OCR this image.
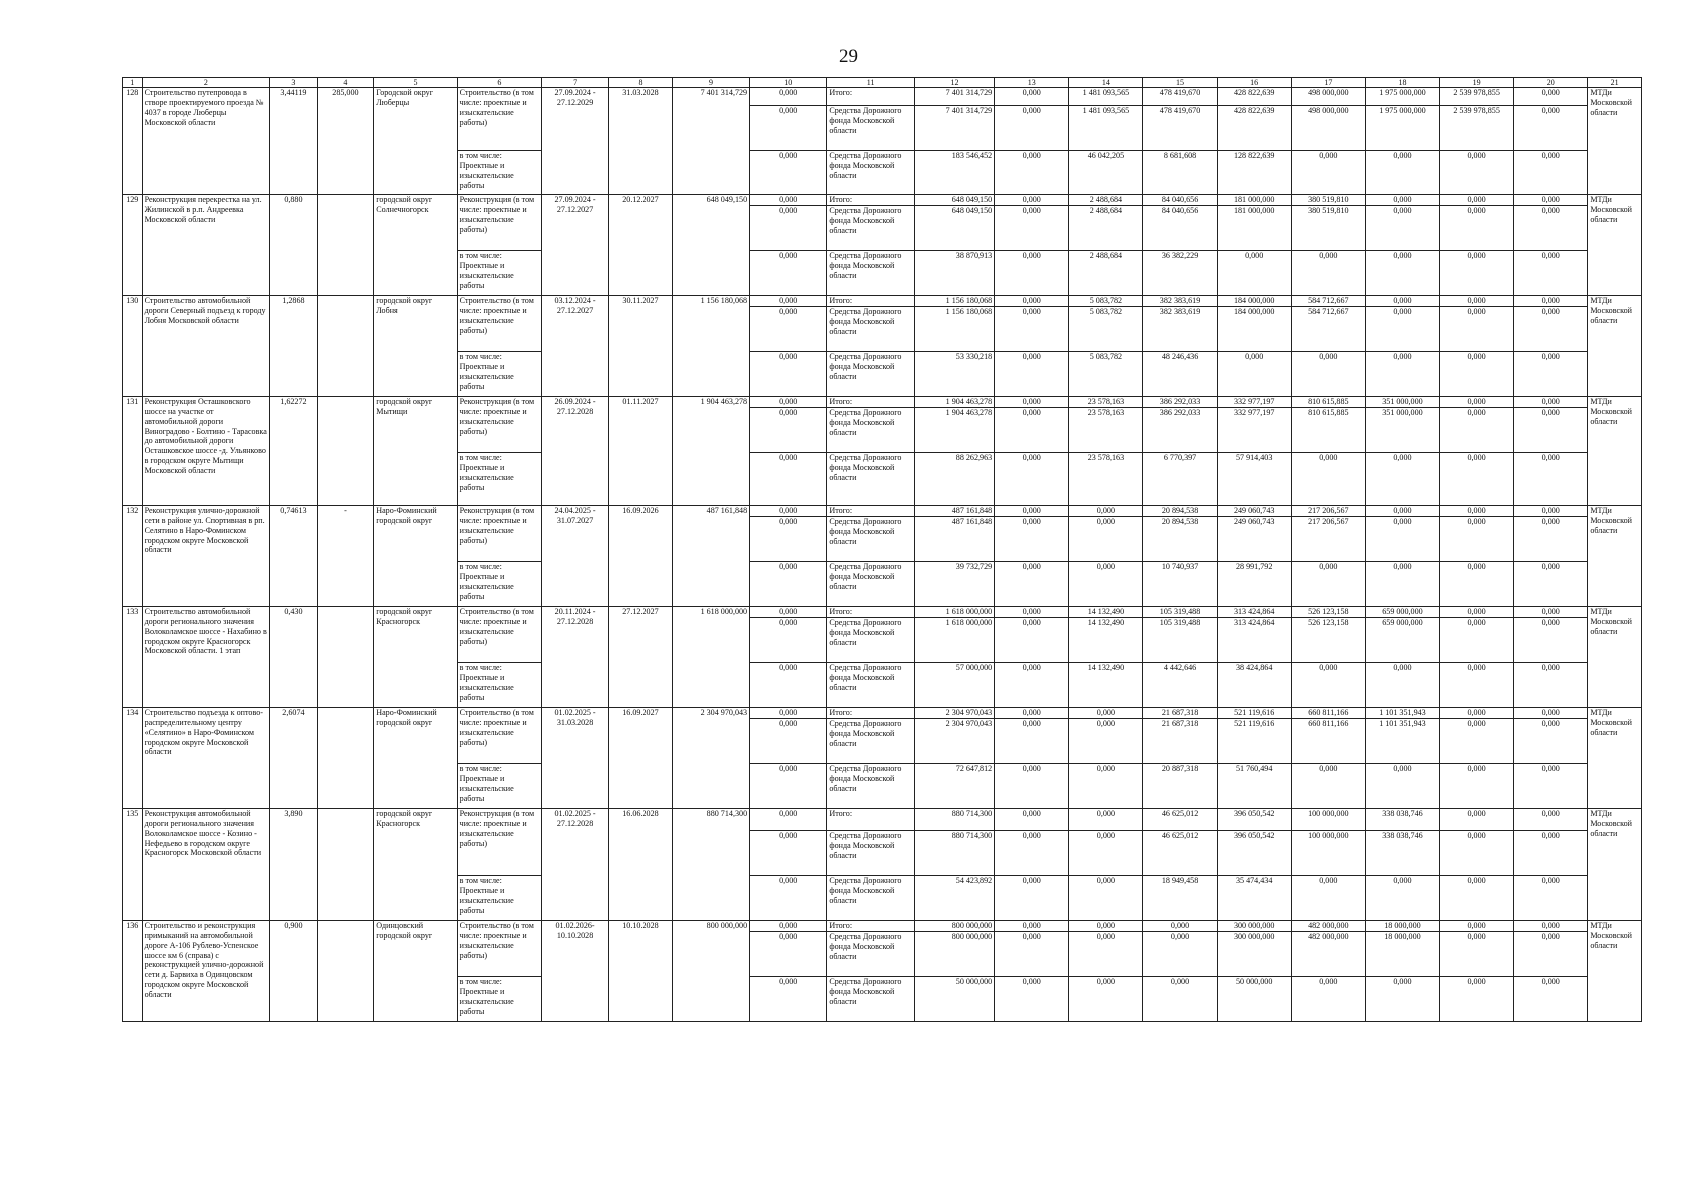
29
1	2	3	4	5	6	7	8	9	10	11	12	13	14	15	16	17	18	19	20	21
128	Строительство путепровода в створе проектируемого проезда № 4037 в городе Люберцы Московской области	3,44119	285,000	Городской округ Люберцы	Строительство (в том числе: проектные и изыскательские работы)	27.09.2024 - 27.12.2029	31.03.2028	7 401 314,729	0,000	Итого:	7 401 314,729	0,000	1 481 093,565	478 419,670	428 822,639	498 000,000	1 975 000,000	2 539 978,855	0,000	МТДи Московской области
									0,000	Средства Дорожного фонда Московской области	7 401 314,729	0,000	1 481 093,565	478 419,670	428 822,639	498 000,000	1 975 000,000	2 539 978,855	0,000	
					в том числе: Проектные и изыскательские работы				0,000	Средства Дорожного фонда Московской области	183 546,452	0,000	46 042,205	8 681,608	128 822,639	0,000	0,000	0,000	0,000	
129	Реконструкция перекрестка на ул. Жилинской в р.п. Андреевка Московской области	0,880		городской округ Солнечногорск	Реконструкция (в том числе: проектные и изыскательские работы)	27.09.2024 - 27.12.2027	20.12.2027	648 049,150	0,000	Итого:	648 049,150	0,000	2 488,684	84 040,656	181 000,000	380 519,810	0,000	0,000	0,000	МТДи Московской области
									0,000	Средства Дорожного фонда Московской области	648 049,150	0,000	2 488,684	84 040,656	181 000,000	380 519,810	0,000	0,000	0,000	
					в том числе: Проектные и изыскательские работы				0,000	Средства Дорожного фонда Московской области	38 870,913	0,000	2 488,684	36 382,229	0,000	0,000	0,000	0,000	0,000	
130	Строительство автомобильной дороги Северный подъезд к городу Лобня Московской области	1,2868		городской округ Лобня	Строительство (в том числе: проектные и изыскательские работы)	03.12.2024 - 27.12.2027	30.11.2027	1 156 180,068	0,000	Итого:	1 156 180,068	0,000	5 083,782	382 383,619	184 000,000	584 712,667	0,000	0,000	0,000	МТДи Московской области
									0,000	Средства Дорожного фонда Московской области	1 156 180,068	0,000	5 083,782	382 383,619	184 000,000	584 712,667	0,000	0,000	0,000	
					в том числе: Проектные и изыскательские работы				0,000	Средства Дорожного фонда Московской области	53 330,218	0,000	5 083,782	48 246,436	0,000	0,000	0,000	0,000	0,000	
131	Реконструкция Осташковского шоссе на участке от автомобильной дороги Виноградово - Болтино - Тарасовка до автомобильной дороги Осташковское шоссе -д. Ульянково в городском округе Мытищи Московской области	1,62272		городской округ Мытищи	Реконструкция (в том числе: проектные и изыскательские работы)	26.09.2024 - 27.12.2028	01.11.2027	1 904 463,278	0,000	Итого:	1 904 463,278	0,000	23 578,163	386 292,033	332 977,197	810 615,885	351 000,000	0,000	0,000	МТДи Московской области
									0,000	Средства Дорожного фонда Московской области	1 904 463,278	0,000	23 578,163	386 292,033	332 977,197	810 615,885	351 000,000	0,000	0,000	
					в том числе: Проектные и изыскательские работы				0,000	Средства Дорожного фонда Московской области	88 262,963	0,000	23 578,163	6 770,397	57 914,403	0,000	0,000	0,000	0,000	
132	Реконструкция улично-дорожной сети в районе ул. Спортивная в рп. Селятино в Наро-Фоминском городском округе Московской области	0,74613	-	Наро-Фоминский городской округ	Реконструкция (в том числе: проектные и изыскательские работы)	24.04.2025 - 31.07.2027	16.09.2026	487 161,848	0,000	Итого:	487 161,848	0,000	0,000	20 894,538	249 060,743	217 206,567	0,000	0,000	0,000	МТДи Московской области
									0,000	Средства Дорожного фонда Московской области	487 161,848	0,000	0,000	20 894,538	249 060,743	217 206,567	0,000	0,000	0,000	
					в том числе: Проектные и изыскательские работы				0,000	Средства Дорожного фонда Московской области	39 732,729	0,000	0,000	10 740,937	28 991,792	0,000	0,000	0,000	0,000	
133	Строительство автомобильной дороги регионального значения Волоколамское шоссе - Нахабино в городском округе Красногорск Московской области. 1 этап	0,430		городской округ Красногорск	Строительство (в том числе: проектные и изыскательские работы)	20.11.2024 - 27.12.2028	27.12.2027	1 618 000,000	0,000	Итого:	1 618 000,000	0,000	14 132,490	105 319,488	313 424,864	526 123,158	659 000,000	0,000	0,000	МТДи Московской области
									0,000	Средства Дорожного фонда Московской области	1 618 000,000	0,000	14 132,490	105 319,488	313 424,864	526 123,158	659 000,000	0,000	0,000	
					в том числе: Проектные и изыскательские работы				0,000	Средства Дорожного фонда Московской области	57 000,000	0,000	14 132,490	4 442,646	38 424,864	0,000	0,000	0,000	0,000	
134	Строительство подъезда к оптово-распределительному центру «Селятино» в Наро-Фоминском городском округе Московской области	2,6074		Наро-Фоминский городской округ	Строительство (в том числе: проектные и изыскательские работы)	01.02.2025 - 31.03.2028	16.09.2027	2 304 970,043	0,000	Итого:	2 304 970,043	0,000	0,000	21 687,318	521 119,616	660 811,166	1 101 351,943	0,000	0,000	МТДи Московской области
									0,000	Средства Дорожного фонда Московской области	2 304 970,043	0,000	0,000	21 687,318	521 119,616	660 811,166	1 101 351,943	0,000	0,000	
					в том числе: Проектные и изыскательские работы				0,000	Средства Дорожного фонда Московской области	72 647,812	0,000	0,000	20 887,318	51 760,494	0,000	0,000	0,000	0,000	
135	Реконструкция автомобильной дороги регионального значения Волоколамское шоссе - Козино - Нефедьево в городском округе Красногорск Московской области	3,890		городской округ Красногорск	Реконструкция (в том числе: проектные и изыскательские работы)	01.02.2025 - 27.12.2028	16.06.2028	880 714,300	0,000	Итого:	880 714,300	0,000	0,000	46 625,012	396 050,542	100 000,000	338 038,746	0,000	0,000	МТДи Московской области
									0,000	Средства Дорожного фонда Московской области	880 714,300	0,000	0,000	46 625,012	396 050,542	100 000,000	338 038,746	0,000	0,000	
					в том числе: Проектные и изыскательские работы				0,000	Средства Дорожного фонда Московской области	54 423,892	0,000	0,000	18 949,458	35 474,434	0,000	0,000	0,000	0,000	
136	Строительство и реконструкция примыканий на автомобильной дороге А-106 Рублево-Успенское шоссе км 6 (справа) с реконструкцией улично-дорожной сети д. Барвиха в Одинцовском городском округе Московской области	0,900		Одинцовский городской округ	Строительство (в том числе: проектные и изыскательские работы)	01.02.2026- 10.10.2028	10.10.2028	800 000,000	0,000	Итого:	800 000,000	0,000	0,000	0,000	300 000,000	482 000,000	18 000,000	0,000	0,000	МТДи Московской области
									0,000	Средства Дорожного фонда Московской области	800 000,000	0,000	0,000	0,000	300 000,000	482 000,000	18 000,000	0,000	0,000	
					в том числе: Проектные и изыскательские работы				0,000	Средства Дорожного фонда Московской области	50 000,000	0,000	0,000	0,000	50 000,000	0,000	0,000	0,000	0,000	
